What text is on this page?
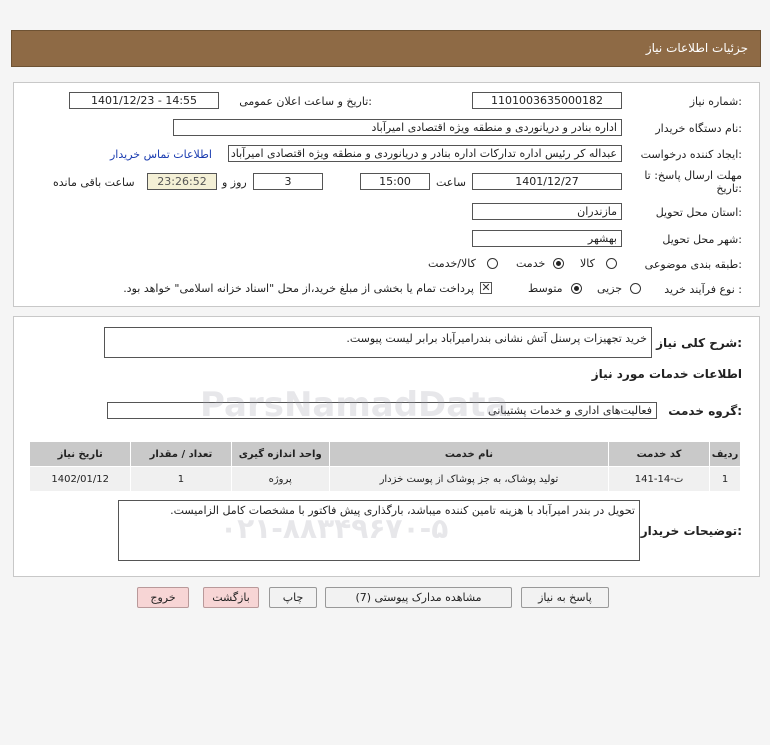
جزئیات اطلاعات نیاز
شماره نیاز:
1101003635000182
تاریخ و ساعت اعلان عمومی:
1401/12/23 - 14:55
نام دستگاه خریدار:
اداره بنادر و دریانوردی و منطقه ویژه اقتصادی امیرآباد
ایجاد کننده درخواست:
عبداله کر رئیس اداره تدارکات اداره بنادر و دریانوردی و منطقه ویژه اقتصادی امیرآباد
اطلاعات تماس خریدار
مهلت ارسال پاسخ: تا
تاریخ:
1401/12/27
ساعت
15:00
3
روز و
23:26:52
ساعت باقی مانده
استان محل تحویل:
مازندران
شهر محل تحویل:
بهشهر
طبقه بندی موضوعی:
کالا
خدمت
کالا/خدمت
نوع فرآیند خرید :
جزیی
متوسط
✕
پرداخت تمام یا بخشی از مبلغ خرید،از محل "اسناد خزانه اسلامی" خواهد بود.
شرح کلی نیاز:
خرید تجهیزات پرسنل آتش نشانی بندرامیرآباد برابر لیست پیوست.
اطلاعات خدمات مورد نیاز
گروه خدمت:
فعالیت‌های اداری و خدمات پشتیبانی
تاریخ نیاز	تعداد / مقدار	واحد اندازه گیری	نام خدمت	کد خدمت	ردیف
1402/01/12	1	پروژه	تولید پوشاک، به جز پوشاک از پوست خزدار	ت-14-141	1
توضیحات خریدار:
تحویل در بندر امیرآباد با هزینه تامین کننده میباشد، بارگذاری پیش فاکتور با مشخصات کامل الزامیست.
ParsNamadData
۰۲۱-۸۸۳۴۹۶۷۰-۵
پاسخ به نیاز
مشاهده مدارک پیوستی (7)
چاپ
بازگشت
خروج
